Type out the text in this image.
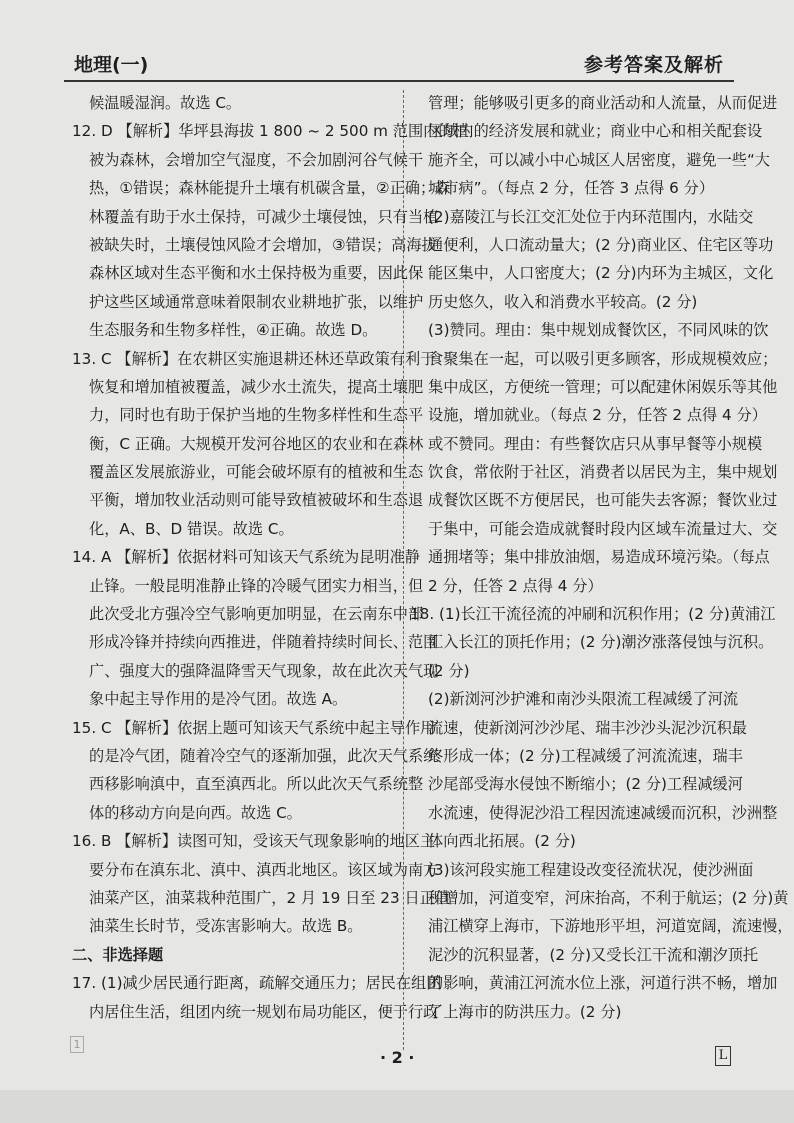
地理(一)	参考答案及解析
候温暖湿润。故选 C。
12. D 【解析】华坪县海拔 1 800 ~ 2 500 m 范围内的植
被为森林，会增加空气湿度，不会加剧河谷气候干
热，①错误；森林能提升土壤有机碳含量，②正确；森
林覆盖有助于水土保持，可减少土壤侵蚀，只有当植
被缺失时，土壤侵蚀风险才会增加，③错误；高海拔
森林区域对生态平衡和水土保持极为重要，因此保
护这些区域通常意味着限制农业耕地扩张，以维护
生态服务和生物多样性，④正确。故选 D。
13. C 【解析】在农耕区实施退耕还林还草政策有利于
恢复和增加植被覆盖，减少水土流失，提高土壤肥
力，同时也有助于保护当地的生物多样性和生态平
衡，C 正确。大规模开发河谷地区的农业和在森林
覆盖区发展旅游业，可能会破坏原有的植被和生态
平衡，增加牧业活动则可能导致植被破坏和生态退
化，A、B、D 错误。故选 C。
14. A 【解析】依据材料可知该天气系统为昆明准静
止锋。一般昆明准静止锋的冷暖气团实力相当，但
此次受北方强冷空气影响更加明显，在云南东中部
形成冷锋并持续向西推进，伴随着持续时间长、范围
广、强度大的强降温降雪天气现象，故在此次天气现
象中起主导作用的是冷气团。故选 A。
15. C 【解析】依据上题可知该天气系统中起主导作用
的是冷气团，随着冷空气的逐渐加强，此次天气系统
西移影响滇中，直至滇西北。所以此次天气系统整
体的移动方向是向西。故选 C。
16. B 【解析】读图可知，受该天气现象影响的地区主
要分布在滇东北、滇中、滇西北地区。该区域为南方
油菜产区，油菜栽种范围广，2 月 19 日至 23 日正值
油菜生长时节，受冻害影响大。故选 B。
二、非选择题
17. (1)减少居民通行距离，疏解交通压力；居民在组团
内居住生活，组团内统一规划布局功能区，便于行政
管理；能够吸引更多的商业活动和人流量，从而促进
区域内的经济发展和就业；商业中心和相关配套设
施齐全，可以减小中心城区人居密度，避免一些“大
城市病”。（每点 2 分，任答 3 点得 6 分）
(2)嘉陵江与长江交汇处位于内环范围内，水陆交
通便利，人口流动量大；(2 分)商业区、住宅区等功
能区集中，人口密度大；(2 分)内环为主城区，文化
历史悠久，收入和消费水平较高。(2 分)
(3)赞同。理由：集中规划成餐饮区，不同风味的饮
食聚集在一起，可以吸引更多顾客，形成规模效应；
集中成区，方便统一管理；可以配建休闲娱乐等其他
设施，增加就业。（每点 2 分，任答 2 点得 4 分）
或不赞同。理由：有些餐饮店只从事早餐等小规模
饮食，常依附于社区，消费者以居民为主，集中规划
成餐饮区既不方便居民，也可能失去客源；餐饮业过
于集中，可能会造成就餐时段内区域车流量过大、交
通拥堵等；集中排放油烟，易造成环境污染。（每点
2 分，任答 2 点得 4 分）
18. (1)长江干流径流的冲刷和沉积作用；(2 分)黄浦江
汇入长江的顶托作用；(2 分)潮汐涨落侵蚀与沉积。
(2 分)
(2)新浏河沙护滩和南沙头限流工程减缓了河流
流速，使新浏河沙沙尾、瑞丰沙沙头泥沙沉积最
终形成一体；(2 分)工程减缓了河流流速，瑞丰
沙尾部受海水侵蚀不断缩小；(2 分)工程减缓河
水流速，使得泥沙沿工程因流速减缓而沉积，沙洲整
体向西北拓展。(2 分)
(3)该河段实施工程建设改变径流状况，使沙洲面
积增加，河道变窄，河床抬高，不利于航运；(2 分)黄
浦江横穿上海市，下游地形平坦，河道宽阔，流速慢，
泥沙的沉积显著，(2 分)又受长江干流和潮汐顶托
的影响，黄浦江河流水位上涨，河道行洪不畅，增加
了上海市的防洪压力。(2 分)
1
· 2 ·	L
